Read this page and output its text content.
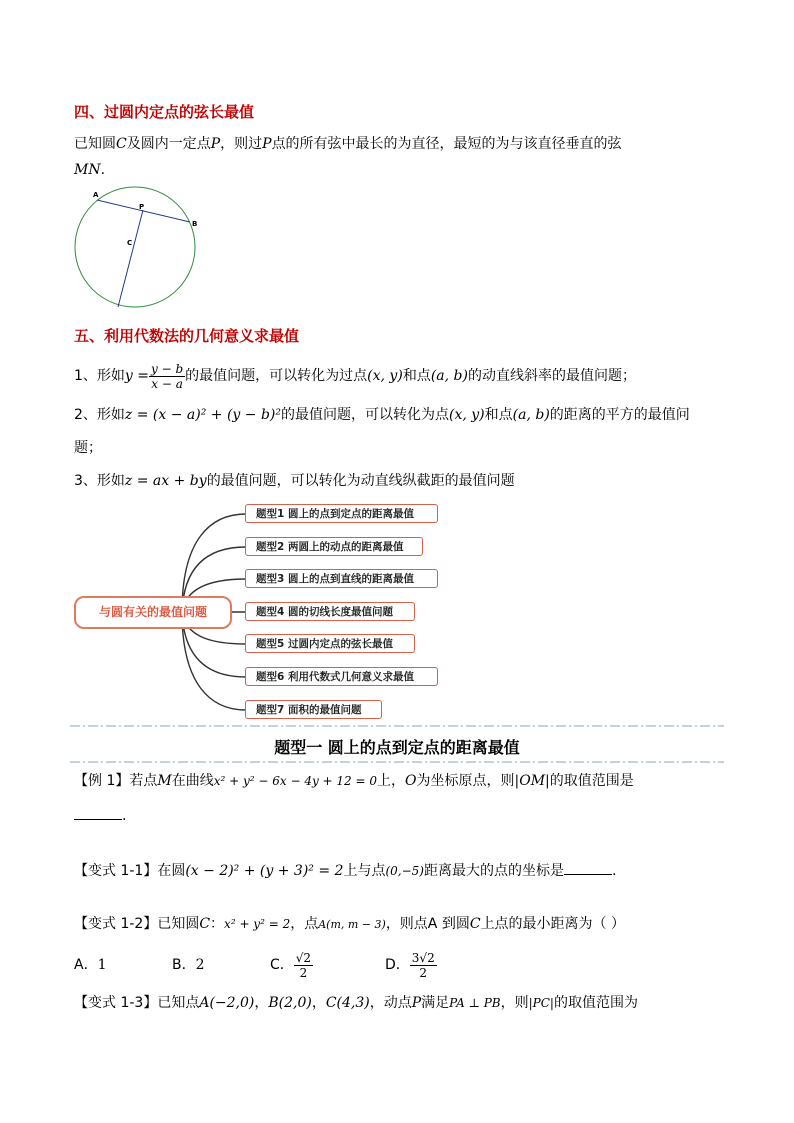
四、过圆内定点的弦长最值
已知圆C及圆内一定点P，则过P点的所有弦中最长的为直径，最短的为与该直径垂直的弦
MN.
A
P
B
C
五、利用代数法的几何意义求最值
1、形如$y = \frac{y - b}{x - a}$ 的最值问题，可以转化为过点(x, y)和点(a, b)的动直线斜率的最值问题；
2、形如z = (x − a)² + (y − b)²的最值问题，可以转化为点(x, y)和点(a, b)的距离的平方的最值问
题；
3、形如z = ax + by的最值问题，可以转化为动直线纵截距的最值问题
与圆有关的最值问题
题型1 圆上的点到定点的距离最值
题型2 两圆上的动点的距离最值
题型3 圆上的点到直线的距离最值
题型4 圆的切线长度最值问题
题型5 过圆内定点的弦长最值
题型6 利用代数式几何意义求最值
题型7 面积的最值问题
题型一 圆上的点到定点的距离最值
【例 1】若点M在曲线x² + y² − 6x − 4y + 12 = 0上，O为坐标原点，则|OM|的取值范围是
.
【变式 1-1】在圆(x − 2)² + (y + 3)² = 2上与点(0,−5)距离最大的点的坐标是	.
【变式 1-2】已知圆C：x² + y² = 2，点A(m, m − 3)，则点A 到圆C上点的最小距离为（ ）
A．1	B．2	C． $\frac{√2}{2}$	D． $\frac{3√2}{2}$
【变式 1-3】已知点A(−2,0)，B(2,0)，C(4,3)，动点P满足PA ⊥ PB，则|PC|的取值范围为
